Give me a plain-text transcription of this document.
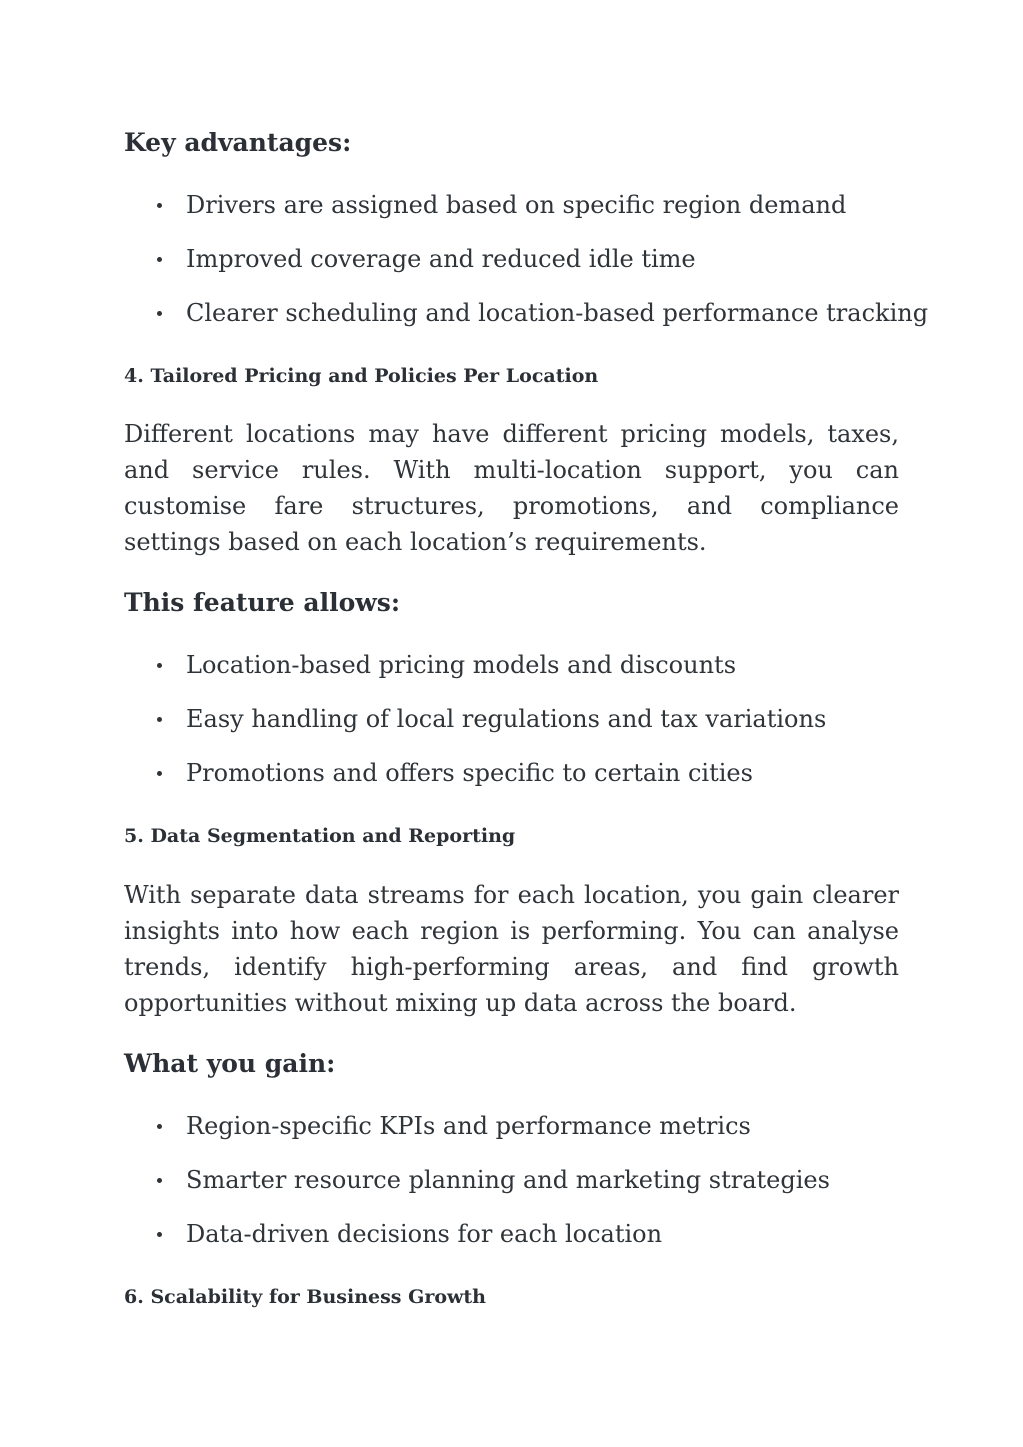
Key advantages:
Drivers are assigned based on specific region demand
Improved coverage and reduced idle time
Clearer scheduling and location-based performance tracking
4. Tailored Pricing and Policies Per Location

Different locations may have different pricing models, taxes, and service rules. With multi-location support, you can customise fare structures, promotions, and compliance settings based on each location’s requirements.

This feature allows:
Location-based pricing models and discounts
Easy handling of local regulations and tax variations
Promotions and offers specific to certain cities
5. Data Segmentation and Reporting

With separate data streams for each location, you gain clearer insights into how each region is performing. You can analyse trends, identify high-performing areas, and find growth opportunities without mixing up data across the board.

What you gain:
Region-specific KPIs and performance metrics
Smarter resource planning and marketing strategies
Data-driven decisions for each location
6. Scalability for Business Growth
